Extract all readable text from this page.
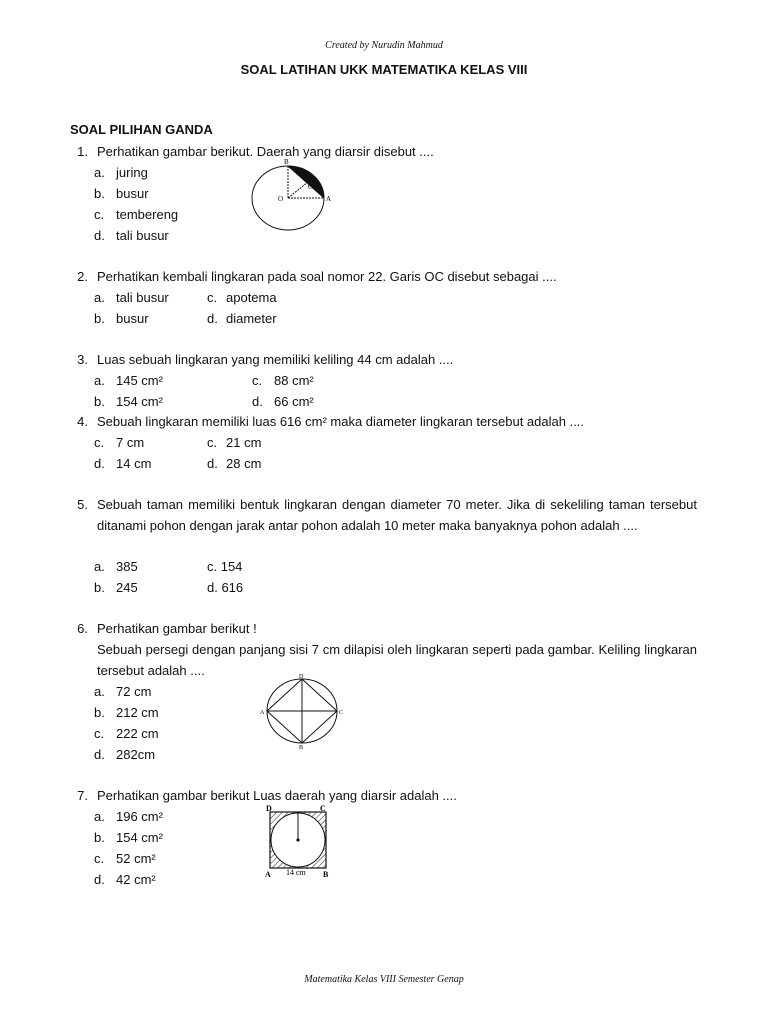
Created by Nurudin Mahmud
SOAL LATIHAN UKK MATEMATIKA KELAS VIII
SOAL PILIHAN GANDA
1. Perhatikan gambar berikut. Daerah yang diarsir disebut ....
a. juring
b. busur
c. tembereng
d. tali busur
B
O	A
C
2. Perhatikan kembali lingkaran pada soal nomor 22. Garis OC disebut sebagai ....
a. tali busur	c. apotema
b. busur	d. diameter
3. Luas sebuah lingkaran yang memiliki keliling 44 cm adalah ....
a. 145 cm²	c. 88 cm²
b. 154 cm²	d. 66 cm²
4. Sebuah lingkaran memiliki luas 616 cm² maka diameter lingkaran tersebut adalah ....
c. 7 cm	c. 21 cm
d. 14 cm	d. 28 cm
5. Sebuah taman memiliki bentuk lingkaran dengan diameter 70 meter. Jika di sekeliling taman tersebut ditanami pohon dengan jarak antar pohon adalah 10 meter maka banyaknya pohon adalah ....
a. 385	c. 154
b. 245	d. 616
6. Perhatikan gambar berikut !
Sebuah persegi dengan panjang sisi 7 cm dilapisi oleh lingkaran seperti pada gambar. Keliling lingkaran tersebut adalah ....
a. 72 cm
b. 212 cm
c. 222 cm
d. 282cm
D
A	C
B
7. Perhatikan gambar berikut Luas daerah yang diarsir adalah ....
a. 196 cm²
b. 154 cm²
c. 52 cm²
d. 42 cm²
D	C
A	B
14 cm
Matematika Kelas VIII Semester Genap
